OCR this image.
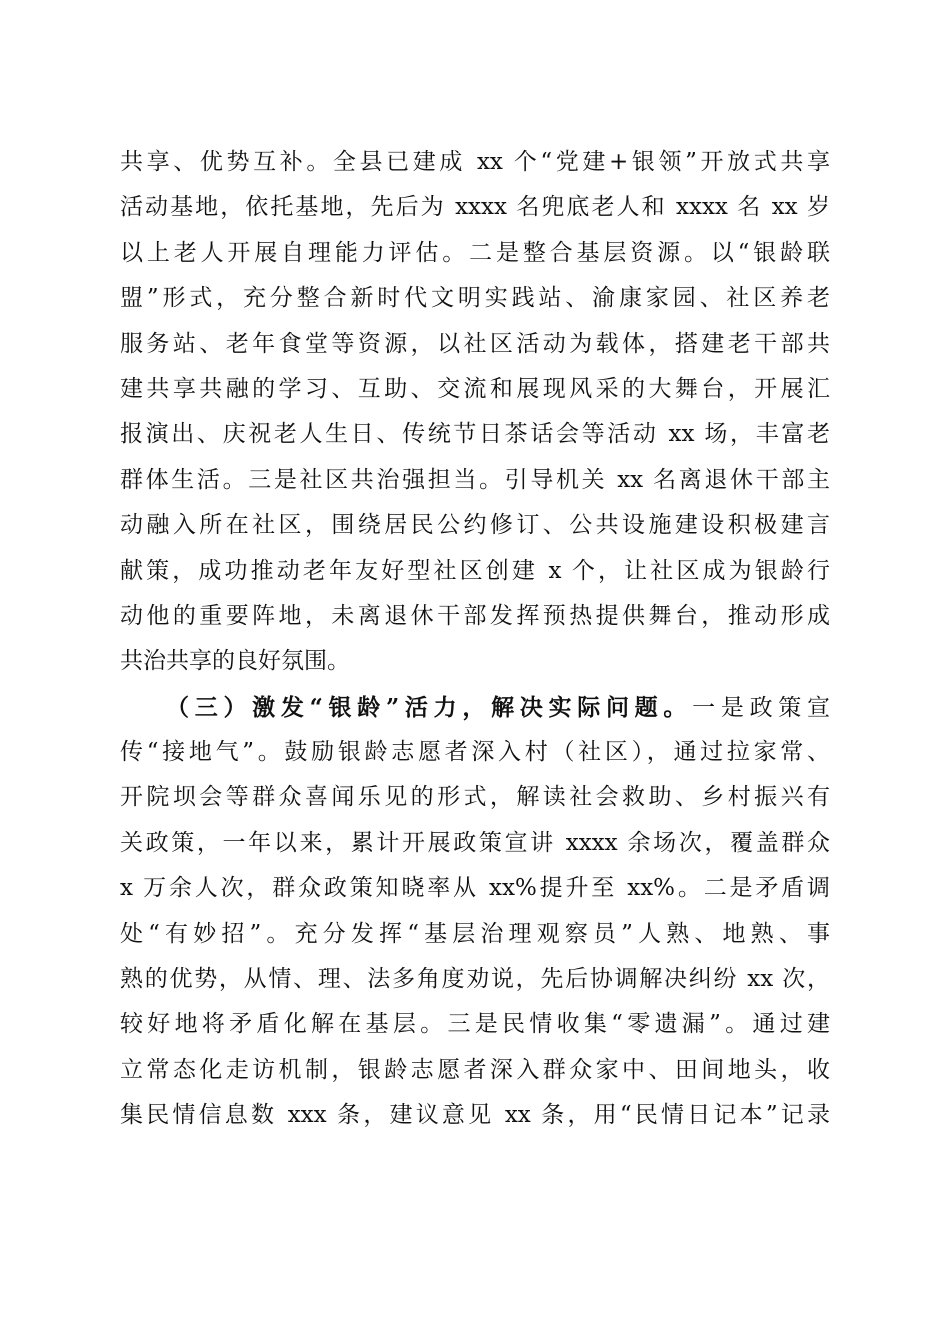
共享、优势互补。全县已建成 xx 个“党建+银领”开放式共享
活动基地，依托基地，先后为 xxxx 名兜底老人和 xxxx 名 xx 岁
以上老人开展自理能力评估。二是整合基层资源。以“银龄联
盟”形式，充分整合新时代文明实践站、渝康家园、社区养老
服务站、老年食堂等资源，以社区活动为载体，搭建老干部共
建共享共融的学习、互助、交流和展现风采的大舞台，开展汇
报演出、庆祝老人生日、传统节日茶话会等活动 xx 场，丰富老
群体生活。三是社区共治强担当。引导机关 xx 名离退休干部主
动融入所在社区，围绕居民公约修订、公共设施建设积极建言
献策，成功推动老年友好型社区创建 x 个，让社区成为银龄行
动他的重要阵地，未离退休干部发挥预热提供舞台，推动形成
共治共享的良好氛围。
（三）激发“银龄”活力，解决实际问题。一是政策宣
传“接地气”。鼓励银龄志愿者深入村（社区），通过拉家常、
开院坝会等群众喜闻乐见的形式，解读社会救助、乡村振兴有
关政策，一年以来，累计开展政策宣讲 xxxx 余场次，覆盖群众
x 万余人次，群众政策知晓率从 xx%提升至 xx%。二是矛盾调
处“有妙招”。充分发挥“基层治理观察员”人熟、地熟、事
熟的优势，从情、理、法多角度劝说，先后协调解决纠纷 xx 次，
较好地将矛盾化解在基层。三是民情收集“零遗漏”。通过建
立常态化走访机制，银龄志愿者深入群众家中、田间地头，收
集民情信息数 xxx 条，建议意见 xx 条，用“民情日记本”记录
